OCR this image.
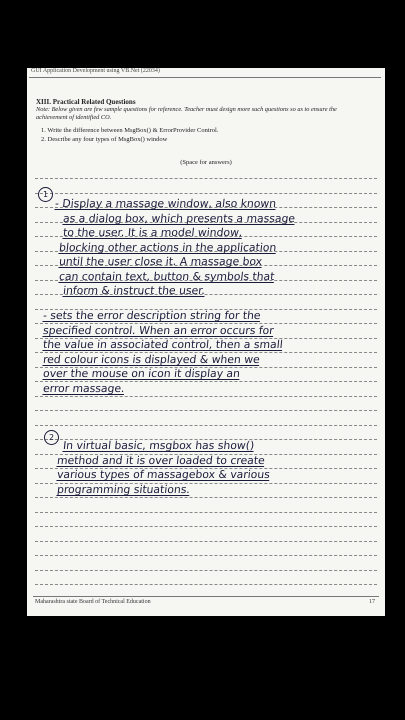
GUI Application Development using VB.Net (22034)
XIII. Practical Related Questions
Note: Below given are few sample questions for reference. Teacher must design more such questions so as to ensure the achievement of identified CO.
1. Write the difference between MsgBox() & ErrorProvider Control.
2. Describe any four types of MsgBox() window
(Space for answers)
1
- Display a massage window, also known
as a dialog box, which presents a massage
to the user. It is a model window,
blocking other actions in the application
until the user close it. A massage box
can contain text, button & symbols that
inform & instruct the user.
- sets the error description string for the
specified control. When an error occurs for
the value in associated control, then a small
red colour icons is displayed & when we
over the mouse on icon it display an
error massage.
2
In virtual basic, msgbox has show()
method and it is over loaded to create
various types of massagebox & various
programming situations.
Maharashtra state Board of Technical Education	17
